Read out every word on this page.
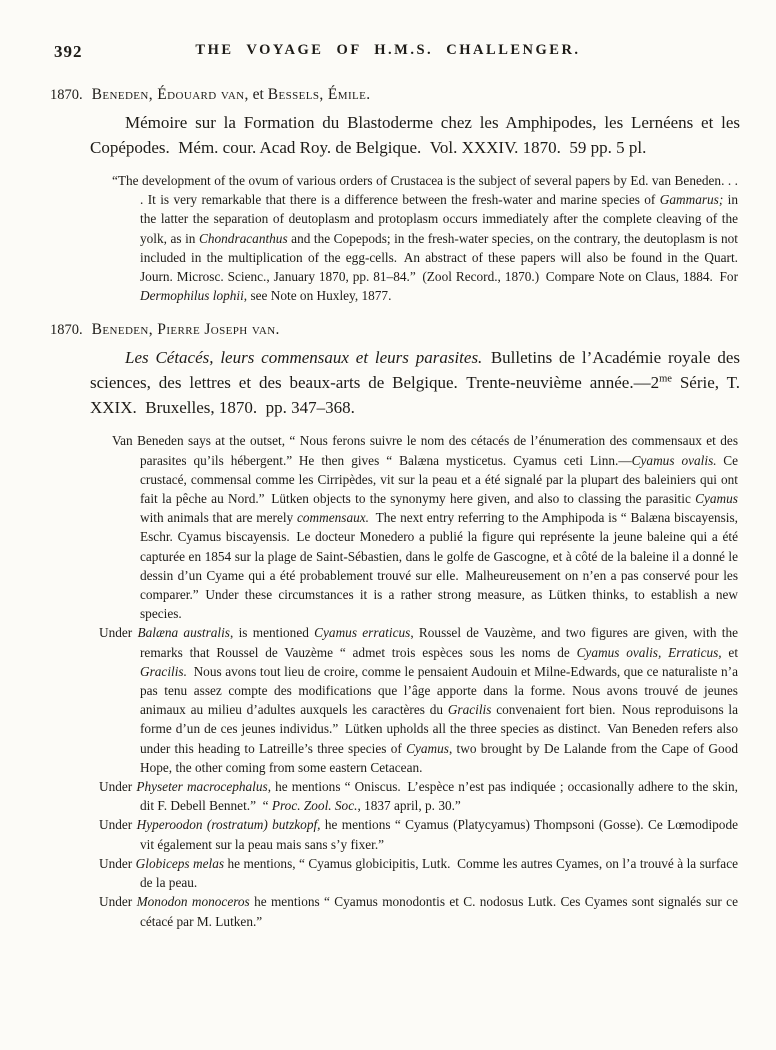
392	THE VOYAGE OF H.M.S. CHALLENGER.

1870. Beneden, Édouard van, et Bessels, Émile.

Mémoire sur la Formation du Blastoderme chez les Amphipodes, les Lernéens et les Copépodes. Mém. cour. Acad Roy. de Belgique. Vol. XXXIV. 1870. 59 pp. 5 pl.

“The development of the ovum of various orders of Crustacea is the subject of several papers by Ed. van Beneden. . . . It is very remarkable that there is a difference between the fresh-water and marine species of Gammarus; in the latter the separation of deutoplasm and protoplasm occurs immediately after the complete cleaving of the yolk, as in Chondracanthus and the Copepods; in the fresh-water species, on the contrary, the deutoplasm is not included in the multiplication of the egg-cells. An abstract of these papers will also be found in the Quart. Journ. Microsc. Scienc., January 1870, pp. 81–84.” (Zool Record., 1870.) Compare Note on Claus, 1884. For Dermophilus lophii, see Note on Huxley, 1877.

1870. Beneden, Pierre Joseph van.

Les Cétacés, leurs commensaux et leurs parasites. Bulletins de l’Académie royale des sciences, des lettres et des beaux-arts de Belgique. Trente-neuvième $année.—2^{me}$ Série, T. XXIX. Bruxelles, 1870. pp. 347–368.

Van Beneden says at the outset, “ Nous ferons suivre le nom des cétacés de l’énumeration des commensaux et des parasites qu’ils hébergent.” He then gives “ Balæna mysticetus. Cyamus ceti Linn.—Cyamus ovalis. Ce crustacé, commensal comme les Cirripèdes, vit sur la peau et a été signalé par la plupart des baleiniers qui ont fait la pêche au Nord.” Lütken objects to the synonymy here given, and also to classing the parasitic Cyamus with animals that are merely commensaux. The next entry referring to the Amphipoda is “ Balæna biscayensis, Eschr. Cyamus biscayensis. Le docteur Monedero a publié la figure qui représente la jeune baleine qui a été capturée en 1854 sur la plage de Saint-Sébastien, dans le golfe de Gascogne, et à côté de la baleine il a donné le dessin d’un Cyame qui a été probablement trouvé sur elle. Malheureusement on n’en a pas conservé pour les comparer.” Under these circumstances it is a rather strong measure, as Lütken thinks, to establish a new species.

Under Balæna australis, is mentioned Cyamus erraticus, Roussel de Vauzème, and two figures are given, with the remarks that Roussel de Vauzème “ admet trois espèces sous les noms de Cyamus ovalis, Erraticus, et Gracilis. Nous avons tout lieu de croire, comme le pensaient Audouin et Milne-Edwards, que ce naturaliste n’a pas tenu assez compte des modifications que l’âge apporte dans la forme. Nous avons trouvé de jeunes animaux au milieu d’adultes auxquels les caractères du Gracilis convenaient fort bien. Nous reproduisons la forme d’un de ces jeunes individus.” Lütken upholds all the three species as distinct. Van Beneden refers also under this heading to Latreille’s three species of Cyamus, two brought by De Lalande from the Cape of Good Hope, the other coming from some eastern Cetacean.

Under Physeter macrocephalus, he mentions “ Oniscus. L’espèce n’est pas indiquée ; occasionally adhere to the skin, dit F. Debell Bennet.” “ Proc. Zool. Soc., 1837 april, p. 30.”

Under Hyperoodon (rostratum) butzkopf, he mentions “ Cyamus (Platycyamus) Thompsoni (Gosse). Ce Lœmodipode vit également sur la peau mais sans s’y fixer.”

Under Globiceps melas he mentions, “ Cyamus globicipitis, Lutk. Comme les autres Cyames, on l’a trouvé à la surface de la peau.

Under Monodon monoceros he mentions “ Cyamus monodontis et C. nodosus Lutk. Ces Cyames sont signalés sur ce cétacé par M. Lutken.”
